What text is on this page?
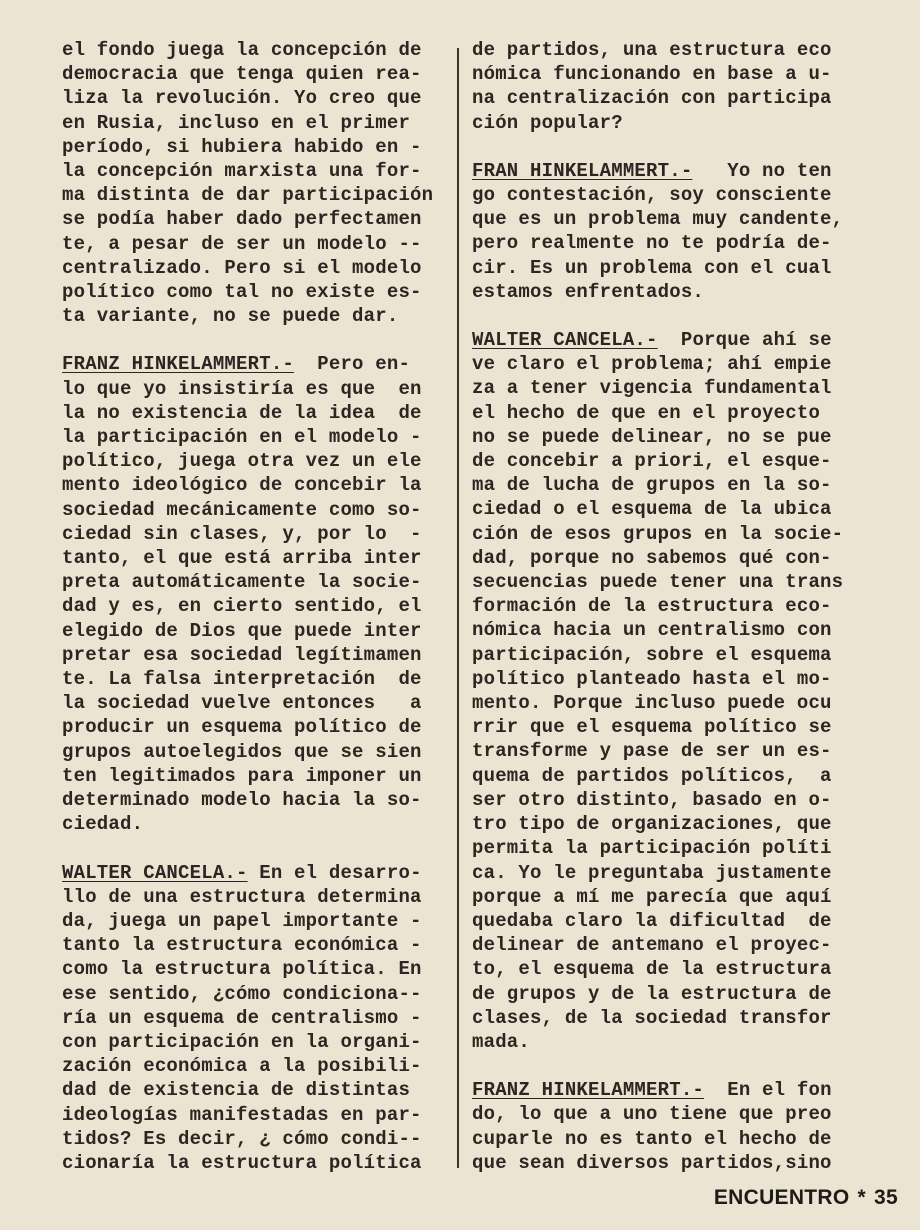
el fondo juega la concepción de
democracia que tenga quien rea-
liza la revolución. Yo creo que
en Rusia, incluso en el primer
período, si hubiera habido en -
la concepción marxista una for-
ma distinta de dar participación
se podía haber dado perfectamen
te, a pesar de ser un modelo --
centralizado. Pero si el modelo
político como tal no existe es-
ta variante, no se puede dar.
FRANZ HINKELAMMERT.-  Pero en-
lo que yo insistiría es que  en
la no existencia de la idea  de
la participación en el modelo -
político, juega otra vez un ele
mento ideológico de concebir la
sociedad mecánicamente como so-
ciedad sin clases, y, por lo  -
tanto, el que está arriba inter
preta automáticamente la socie-
dad y es, en cierto sentido, el
elegido de Dios que puede inter
pretar esa sociedad legítimamen
te. La falsa interpretación  de
la sociedad vuelve entonces   a
producir un esquema político de
grupos autoelegidos que se sien
ten legitimados para imponer un
determinado modelo hacia la so-
ciedad.
WALTER CANCELA.- En el desarro-
llo de una estructura determina
da, juega un papel importante -
tanto la estructura económica -
como la estructura política. En
ese sentido, ¿cómo condiciona--
ría un esquema de centralismo -
con participación en la organi-
zación económica a la posibili-
dad de existencia de distintas
ideologías manifestadas en par-
tidos? Es decir, ¿ cómo condi--
cionaría la estructura política
de partidos, una estructura eco
nómica funcionando en base a u-
na centralización con participa
ción popular?
FRAN HINKELAMMERT.-   Yo no ten
go contestación, soy consciente
que es un problema muy candente,
pero realmente no te podría de-
cir. Es un problema con el cual
estamos enfrentados.
WALTER CANCELA.-  Porque ahí se
ve claro el problema; ahí empie
za a tener vigencia fundamental
el hecho de que en el proyecto
no se puede delinear, no se pue
de concebir a priori, el esque-
ma de lucha de grupos en la so-
ciedad o el esquema de la ubica
ción de esos grupos en la socie-
dad, porque no sabemos qué con-
secuencias puede tener una trans
formación de la estructura eco-
nómica hacia un centralismo con
participación, sobre el esquema
político planteado hasta el mo-
mento. Porque incluso puede ocu
rrir que el esquema político se
transforme y pase de ser un es-
quema de partidos políticos,  a
ser otro distinto, basado en o-
tro tipo de organizaciones, que
permita la participación políti
ca. Yo le preguntaba justamente
porque a mí me parecía que aquí
quedaba claro la dificultad  de
delinear de antemano el proyec-
to, el esquema de la estructura
de grupos y de la estructura de
clases, de la sociedad transfor
mada.
FRANZ HINKELAMMERT.-  En el fon
do, lo que a uno tiene que preo
cuparle no es tanto el hecho de
que sean diversos partidos,sino
ENCUENTRO * 35
